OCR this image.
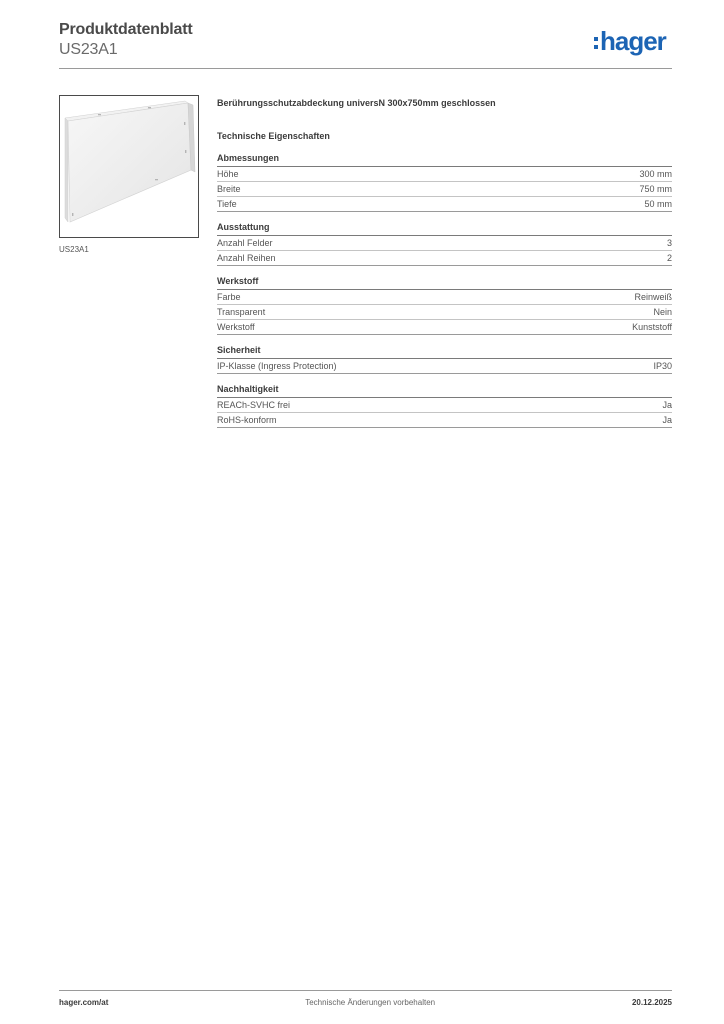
Produktdatenblatt
US23A1	hager
US23A1
Berührungsschutzabdeckung universN 300x750mm geschlossen
Technische Eigenschaften
Abmessungen
Höhe	300 mm
Breite	750 mm
Tiefe	50 mm
Ausstattung
Anzahl Felder	3
Anzahl Reihen	2
Werkstoff
Farbe	Reinweiß
Transparent	Nein
Werkstoff	Kunststoff
Sicherheit
IP-Klasse (Ingress Protection)	IP30
Nachhaltigkeit
REACh-SVHC frei	Ja
RoHS-konform	Ja
hager.com/at	Technische Änderungen vorbehalten	20.12.2025
